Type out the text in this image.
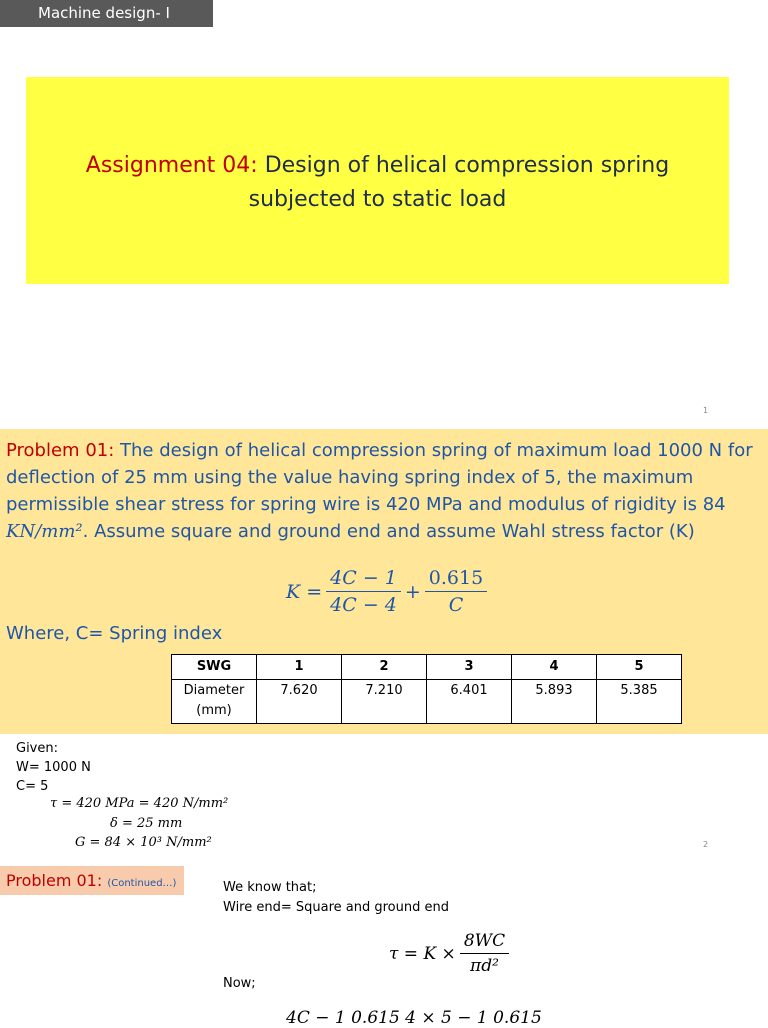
Machine design- I
Assignment 04: Design of helical compression spring
subjected to static load
1
Problem 01: The design of helical compression spring of maximum load 1000 N for deflection of 25 mm using the value having spring index of 5, the maximum permissible shear stress for spring wire is 420 MPa and modulus of rigidity is 84 KN/mm². Assume square and ground end and assume Wahl stress factor (K)
$K = \frac{4C - 1}{4C - 4} + \frac{0.615}{C}$
Where, C= Spring index
SWG	1	2	3	4	5
Diameter (mm)	7.620	7.210	6.401	5.893	5.385
Given:
W= 1000 N
C= 5
τ = 420 MPa = 420 N/mm²
δ = 25 mm
G = 84 × 10³ N/mm²	2
Problem 01: (Continued…)	We know that;
Wire end= Square and ground end
$\tau = K \times \frac{8WC}{\text{πd²}}$
Now;
4C − 1 0.615 4 × 5 − 1 0.615
